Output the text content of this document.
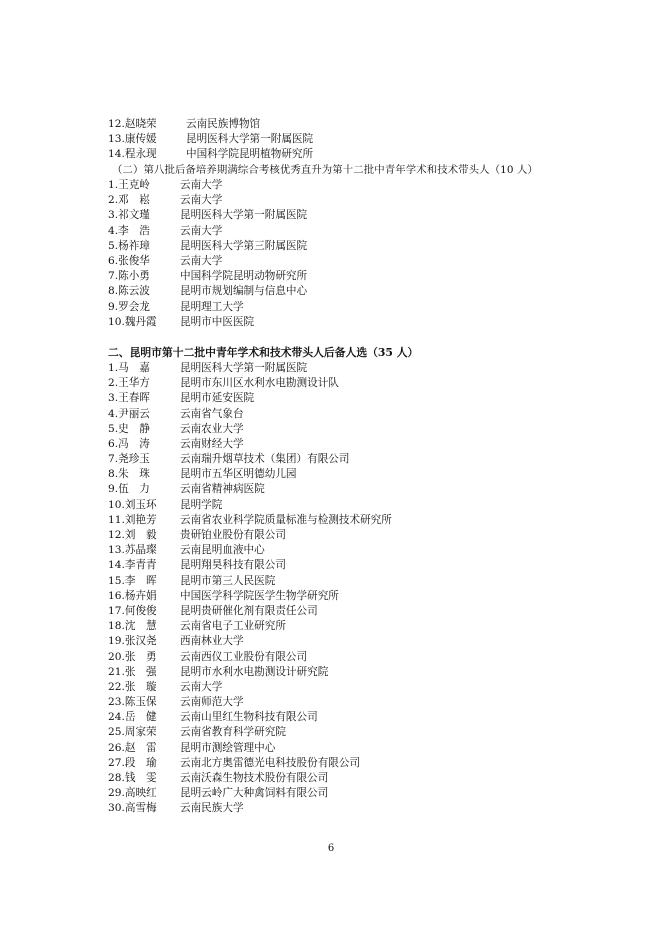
12.赵晓荣	云南民族博物馆
13.康传媛	昆明医科大学第一附属医院
14.程永现	中国科学院昆明植物研究所
（二）第八批后备培养期满综合考核优秀直升为第十二批中青年学术和技术带头人（10 人）
1.王克岭	云南大学
2.邓　崧	云南大学
3.祁文瑾	昆明医科大学第一附属医院
4.李　浩	云南大学
5.杨祚璋	昆明医科大学第三附属医院
6.张俊华	云南大学
7.陈小勇	中国科学院昆明动物研究所
8.陈云波	昆明市规划编制与信息中心
9.罗会龙	昆明理工大学
10.魏丹霞	昆明市中医医院
二、昆明市第十二批中青年学术和技术带头人后备人选（35 人）
1.马　嘉	昆明医科大学第一附属医院
2.王华方	昆明市东川区水利水电勘测设计队
3.王春晖	昆明市延安医院
4.尹丽云	云南省气象台
5.史　静	云南农业大学
6.冯　涛	云南财经大学
7.尧珍玉	云南瑞升烟草技术（集团）有限公司
8.朱　珠	昆明市五华区明德幼儿园
9.伍　力	云南省精神病医院
10.刘玉环	昆明学院
11.刘艳芳	云南省农业科学院质量标准与检测技术研究所
12.刘　毅	贵研铂业股份有限公司
13.苏晶璨	云南昆明血液中心
14.李青青	昆明翔昊科技有限公司
15.李　晖	昆明市第三人民医院
16.杨卉娟	中国医学科学院医学生物学研究所
17.何俊俊	昆明贵研催化剂有限责任公司
18.沈　慧	云南省电子工业研究所
19.张汉尧	西南林业大学
20.张　勇	云南西仪工业股份有限公司
21.张　强	昆明市水利水电勘测设计研究院
22.张　璇	云南大学
23.陈玉保	云南师范大学
24.岳　健	云南山里红生物科技有限公司
25.周家荣	云南省教育科学研究院
26.赵　雷	昆明市测绘管理中心
27.段　瑜	云南北方奥雷德光电科技股份有限公司
28.钱　雯	云南沃森生物技术股份有限公司
29.高映红	昆明云岭广大种禽饲料有限公司
30.高雪梅	云南民族大学
6
